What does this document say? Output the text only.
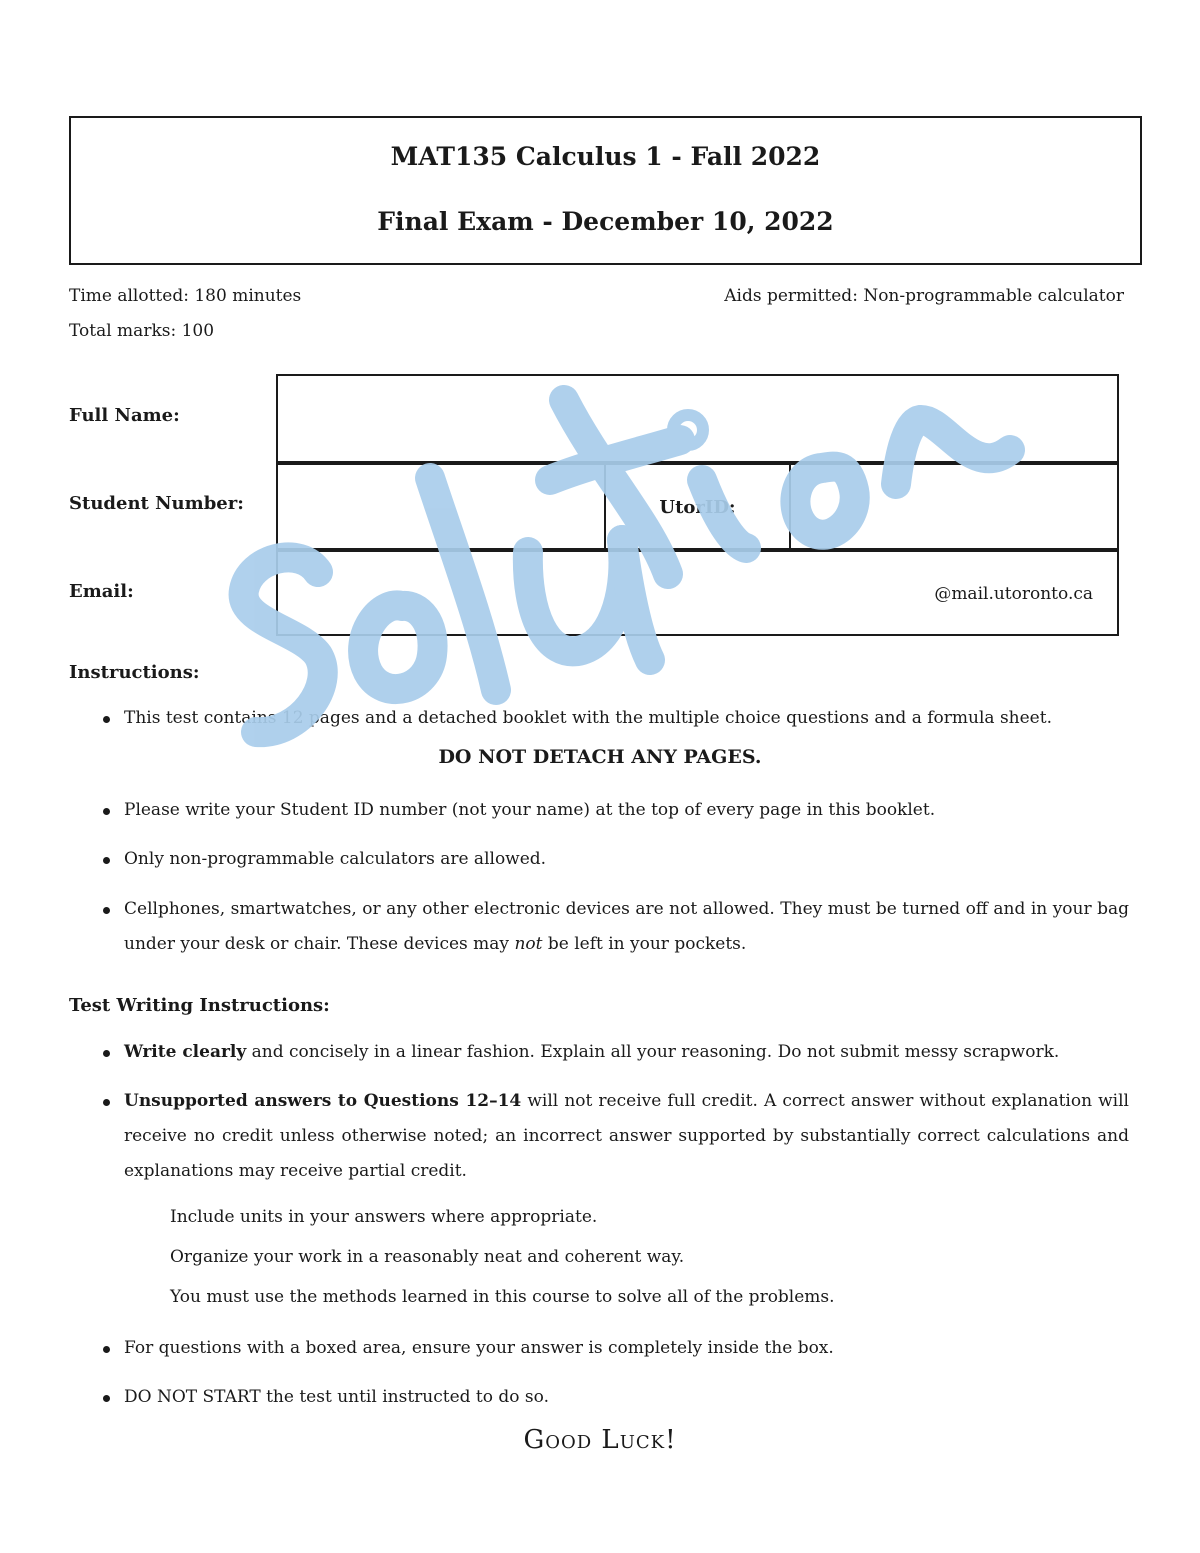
MAT135 Calculus 1 - Fall 2022
Final Exam - December 10, 2022
Time allotted: 180 minutes	Aids permitted: Non-programmable calculator
Total marks: 100
Full Name:
Student Number:
Email:
UtorID:
@mail.utoronto.ca
Instructions:
This test contains 12 pages and a detached booklet with the multiple choice questions and a formula sheet.
DO NOT DETACH ANY PAGES.
Please write your Student ID number (not your name) at the top of every page in this booklet.
Only non-programmable calculators are allowed.
Cellphones, smartwatches, or any other electronic devices are not allowed. They must be turned off and in your bag under your desk or chair. These devices may not be left in your pockets.
Test Writing Instructions:
Write clearly and concisely in a linear fashion. Explain all your reasoning. Do not submit messy scrapwork.
Unsupported answers to Questions 12–14 will not receive full credit. A correct answer without explanation will receive no credit unless otherwise noted; an incorrect answer supported by substantially correct calculations and explanations may receive partial credit.
Include units in your answers where appropriate.
Organize your work in a reasonably neat and coherent way.
You must use the methods learned in this course to solve all of the problems.
For questions with a boxed area, ensure your answer is completely inside the box.
DO NOT START the test until instructed to do so.
Good Luck!
